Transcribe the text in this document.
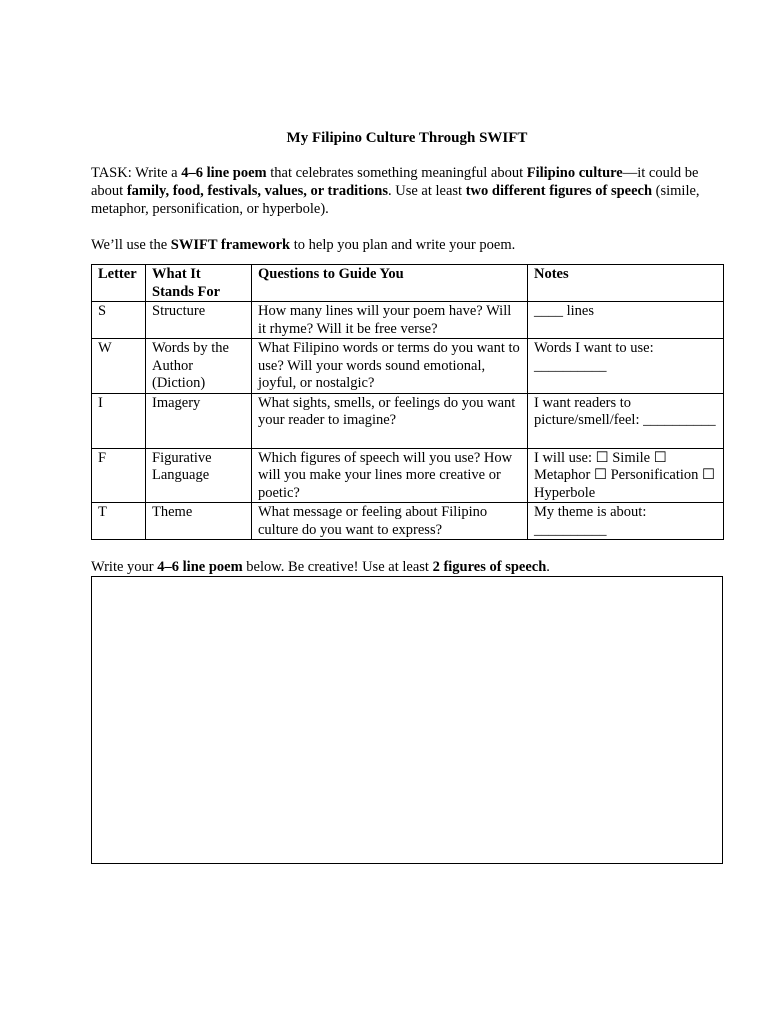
My Filipino Culture Through SWIFT

TASK: Write a 4–6 line poem that celebrates something meaningful about Filipino culture—it could be about family, food, festivals, values, or traditions. Use at least two different figures of speech (simile, metaphor, personification, or hyperbole).

We’ll use the SWIFT framework to help you plan and write your poem.

Letter	What It Stands For	Questions to Guide You	Notes
S	Structure	How many lines will your poem have? Will it rhyme? Will it be free verse?	____ lines
W	Words by the Author (Diction)	What Filipino words or terms do you want to use? Will your words sound emotional, joyful, or nostalgic?	Words I want to use: __________
I	Imagery	What sights, smells, or feelings do you want your reader to imagine?	I want readers to picture/smell/feel: __________
F	Figurative Language	Which figures of speech will you use? How will you make your lines more creative or poetic?	I will use: ☐ Simile ☐ Metaphor ☐ Personification ☐ Hyperbole
T	Theme	What message or feeling about Filipino culture do you want to express?	My theme is about: __________

Write your 4–6 line poem below. Be creative! Use at least 2 figures of speech.
